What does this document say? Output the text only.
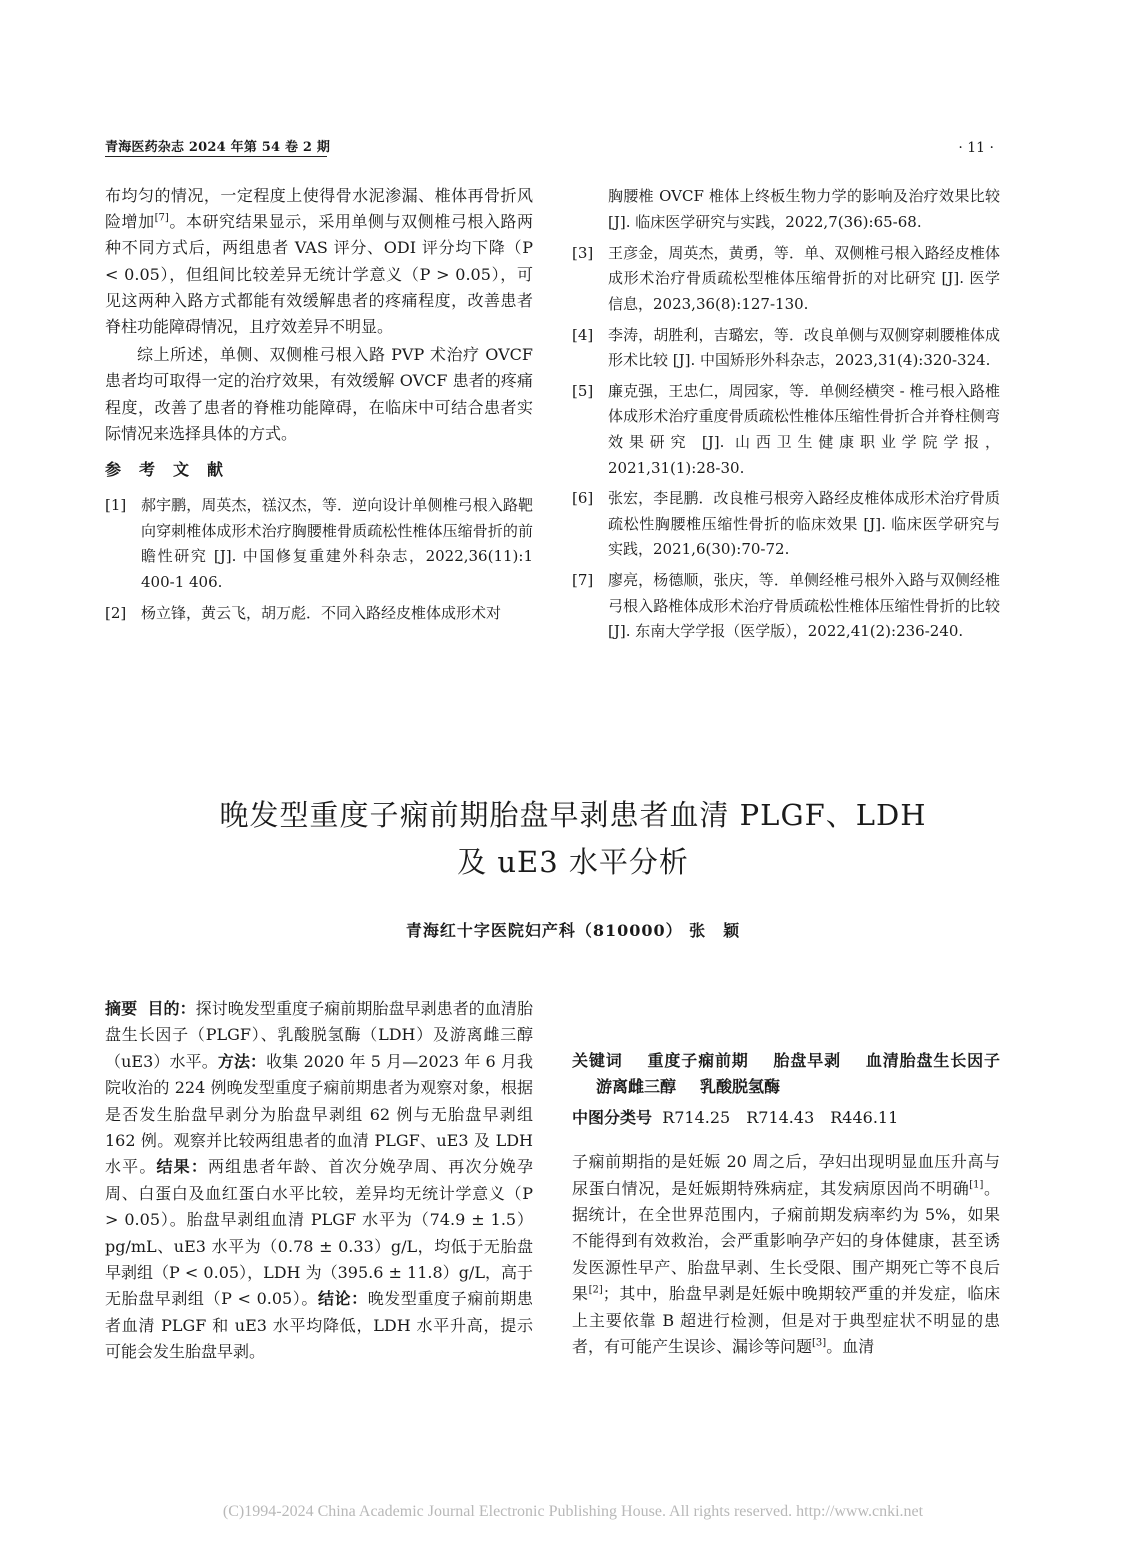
青海医药杂志 2024 年第 54 卷 2 期	· 11 ·

布均匀的情况，一定程度上使得骨水泥渗漏、椎体再骨折风险增加[7]。本研究结果显示，采用单侧与双侧椎弓根入路两种不同方式后，两组患者 VAS 评分、ODI 评分均下降（P < 0.05），但组间比较差异无统计学意义（P > 0.05），可见这两种入路方式都能有效缓解患者的疼痛程度，改善患者脊柱功能障碍情况，且疗效差异不明显。

综上所述，单侧、双侧椎弓根入路 PVP 术治疗 OVCF 患者均可取得一定的治疗效果，有效缓解 OVCF 患者的疼痛程度，改善了患者的脊椎功能障碍，在临床中可结合患者实际情况来选择具体的方式。

参考文献

[1] 郝宇鹏，周英杰，禚汉杰，等．逆向设计单侧椎弓根入路靶向穿刺椎体成形术治疗胸腰椎骨质疏松性椎体压缩骨折的前瞻性研究 [J]. 中国修复重建外科杂志，2022,36(11):1 400-1 406.

[2] 杨立锋，黄云飞，胡万彪．不同入路经皮椎体成形术对

胸腰椎 OVCF 椎体上终板生物力学的影响及治疗效果比较 [J]. 临床医学研究与实践，2022,7(36):65-68.

[3] 王彦金，周英杰，黄勇，等．单、双侧椎弓根入路经皮椎体成形术治疗骨质疏松型椎体压缩骨折的对比研究 [J]. 医学信息，2023,36(8):127-130.

[4] 李涛，胡胜利，吉璐宏，等．改良单侧与双侧穿刺腰椎体成形术比较 [J]. 中国矫形外科杂志，2023,31(4):320-324.

[5] 廉克强，王忠仁，周园家，等．单侧经横突 - 椎弓根入路椎体成形术治疗重度骨质疏松性椎体压缩性骨折合并脊柱侧弯效果研究 [J]. 山西卫生健康职业学院学报，2021,31(1):28-30.

[6] 张宏，李昆鹏．改良椎弓根旁入路经皮椎体成形术治疗骨质疏松性胸腰椎压缩性骨折的临床效果 [J]. 临床医学研究与实践，2021,6(30):70-72.

[7] 廖亮，杨德顺，张庆，等．单侧经椎弓根外入路与双侧经椎弓根入路椎体成形术治疗骨质疏松性椎体压缩性骨折的比较 [J]. 东南大学学报（医学版），2022,41(2):236-240.

晚发型重度子痫前期胎盘早剥患者血清 PLGF、LDH
及 uE3 水平分析
青海红十字医院妇产科（810000） 张　颖

摘要 目的：探讨晚发型重度子痫前期胎盘早剥患者的血清胎盘生长因子（PLGF）、乳酸脱氢酶（LDH）及游离雌三醇（uE3）水平。方法：收集 2020 年 5 月—2023 年 6 月我院收治的 224 例晚发型重度子痫前期患者为观察对象，根据是否发生胎盘早剥分为胎盘早剥组 62 例与无胎盘早剥组 162 例。观察并比较两组患者的血清 PLGF、uE3 及 LDH 水平。结果：两组患者年龄、首次分娩孕周、再次分娩孕周、白蛋白及血红蛋白水平比较，差异均无统计学意义（P > 0.05）。胎盘早剥组血清 PLGF 水平为（74.9 ± 1.5）pg/mL、uE3 水平为（0.78 ± 0.33）g/L，均低于无胎盘早剥组（P < 0.05），LDH 为（395.6 ± 11.8）g/L，高于无胎盘早剥组（P < 0.05）。结论：晚发型重度子痫前期患者血清 PLGF 和 uE3 水平均降低，LDH 水平升高，提示可能会发生胎盘早剥。

关键词 重度子痫前期 胎盘早剥 血清胎盘生长因子游离雌三醇 乳酸脱氢酶

中图分类号 R714.25　R714.43　R446.11

子痫前期指的是妊娠 20 周之后，孕妇出现明显血压升高与尿蛋白情况，是妊娠期特殊病症，其发病原因尚不明确[1]。据统计，在全世界范围内，子痫前期发病率约为 5%，如果不能得到有效救治，会严重影响孕产妇的身体健康，甚至诱发医源性早产、胎盘早剥、生长受限、围产期死亡等不良后果[2]；其中，胎盘早剥是妊娠中晚期较严重的并发症，临床上主要依靠 B 超进行检测，但是对于典型症状不明显的患者，有可能产生误诊、漏诊等问题[3]。血清

(C)1994-2024 China Academic Journal Electronic Publishing House. All rights reserved. http://www.cnki.net
